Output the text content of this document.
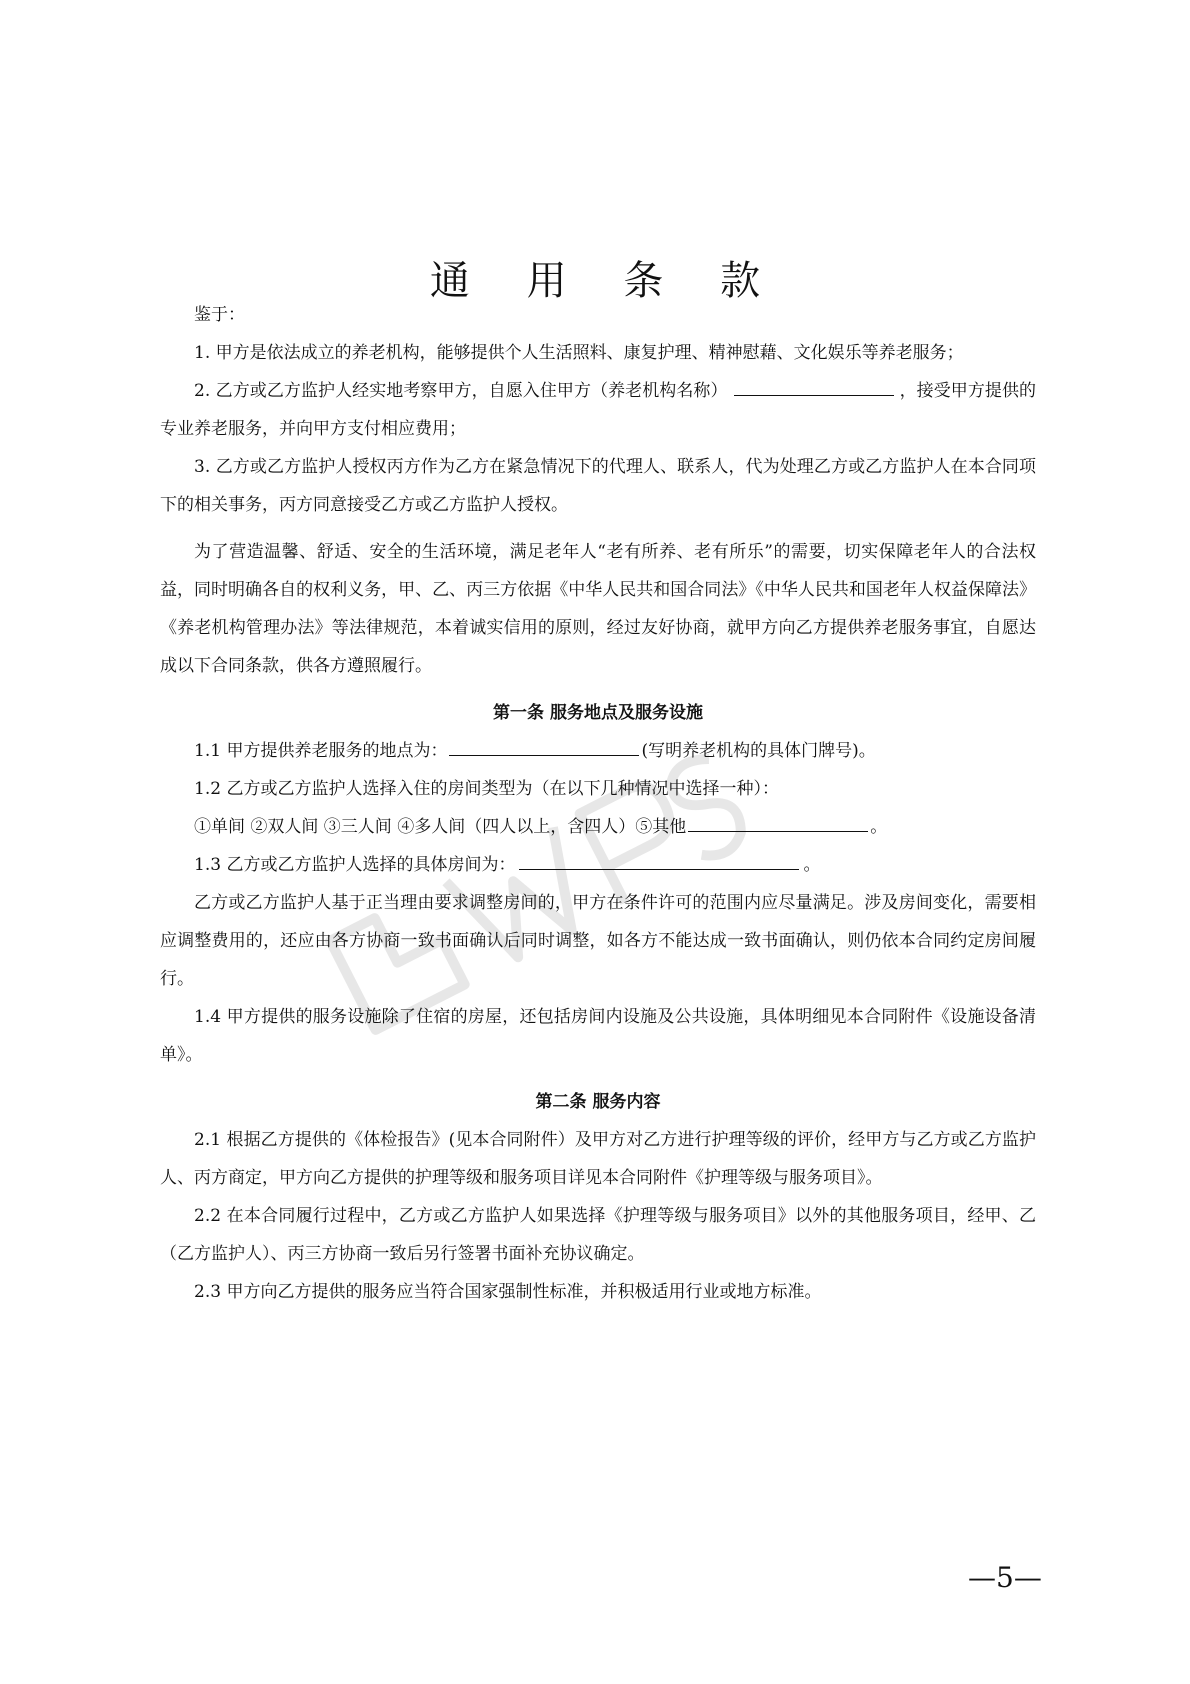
通 用 条 款

鉴于：

1. 甲方是依法成立的养老机构，能够提供个人生活照料、康复护理、精神慰藉、文化娱乐等养老服务；

2. 乙方或乙方监护人经实地考察甲方，自愿入住甲方（养老机构名称）	，接受甲方提供的专业养老服务，并向甲方支付相应费用；

3. 乙方或乙方监护人授权丙方作为乙方在紧急情况下的代理人、联系人，代为处理乙方或乙方监护人在本合同项下的相关事务，丙方同意接受乙方或乙方监护人授权。

为了营造温馨、舒适、安全的生活环境，满足老年人“老有所养、老有所乐”的需要，切实保障老年人的合法权益，同时明确各自的权利义务，甲、乙、丙三方依据《中华人民共和国合同法》《中华人民共和国老年人权益保障法》《养老机构管理办法》等法律规范，本着诚实信用的原则，经过友好协商，就甲方向乙方提供养老服务事宜，自愿达成以下合同条款，供各方遵照履行。

第一条 服务地点及服务设施

1.1 甲方提供养老服务的地点为：	(写明养老机构的具体门牌号)。

1.2 乙方或乙方监护人选择入住的房间类型为（在以下几种情况中选择一种）：

①单间 ②双人间 ③三人间 ④多人间（四人以上，含四人）⑤其他	。

1.3 乙方或乙方监护人选择的具体房间为：	。

乙方或乙方监护人基于正当理由要求调整房间的，甲方在条件许可的范围内应尽量满足。涉及房间变化，需要相应调整费用的，还应由各方协商一致书面确认后同时调整，如各方不能达成一致书面确认，则仍依本合同约定房间履行。

1.4 甲方提供的服务设施除了住宿的房屋，还包括房间内设施及公共设施，具体明细见本合同附件《设施设备清单》。

第二条 服务内容

2.1 根据乙方提供的《体检报告》(见本合同附件）及甲方对乙方进行护理等级的评价，经甲方与乙方或乙方监护人、丙方商定，甲方向乙方提供的护理等级和服务项目详见本合同附件《护理等级与服务项目》。

2.2 在本合同履行过程中，乙方或乙方监护人如果选择《护理等级与服务项目》以外的其他服务项目，经甲、乙（乙方监护人）、丙三方协商一致后另行签署书面补充协议确定。

2.3 甲方向乙方提供的服务应当符合国家强制性标准，并积极适用行业或地方标准。

—5—
